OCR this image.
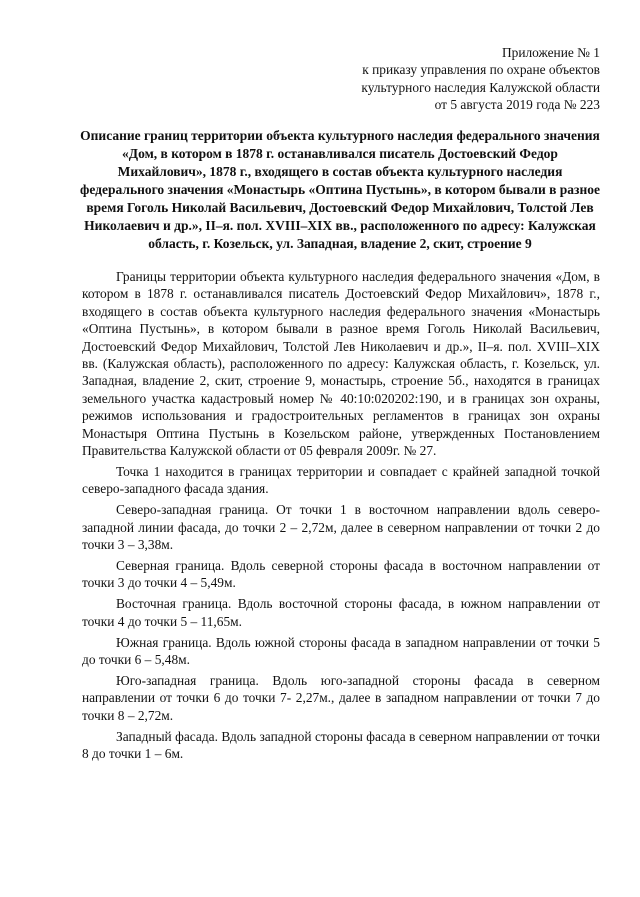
Приложение № 1
к приказу управления по охране объектов
культурного наследия Калужской области
от 5 августа 2019 года № 223
Описание границ территории объекта культурного наследия федерального значения «Дом, в котором в 1878 г. останавливался писатель Достоевский Федор Михайлович», 1878 г., входящего в состав объекта культурного наследия федерального значения «Монастырь «Оптина Пустынь», в котором бывали в разное время Гоголь Николай Васильевич, Достоевский Федор Михайлович, Толстой Лев Николаевич и др.», II–я. пол. XVIII–XIX вв., расположенного по адресу: Калужская область, г. Козельск, ул. Западная, владение 2, скит, строение 9

Границы территории объекта культурного наследия федерального значения «Дом, в котором в 1878 г. останавливался писатель Достоевский Федор Михайлович», 1878 г., входящего в состав объекта культурного наследия федерального значения «Монастырь «Оптина Пустынь», в котором бывали в разное время Гоголь Николай Васильевич, Достоевский Федор Михайлович, Толстой Лев Николаевич и др.», II–я. пол. XVIII–XIX вв. (Калужская область), расположенного по адресу: Калужская область, г. Козельск, ул. Западная, владение 2, скит, строение 9, монастырь, строение 5б., находятся в границах земельного участка кадастровый номер № 40:10:020202:190, и в границах зон охраны, режимов использования и градостроительных регламентов в границах зон охраны Монастыря Оптина Пустынь в Козельском районе, утвержденных Постановлением Правительства Калужской области от 05 февраля 2009г. № 27.

Точка 1 находится в границах территории и совпадает с крайней западной точкой северо-западного фасада здания.

Северо-западная граница. От точки 1 в восточном направлении вдоль северо-западной линии фасада, до точки 2 – 2,72м, далее в северном направлении от точки 2 до точки 3 – 3,38м.

Северная граница. Вдоль северной стороны фасада в восточном направлении от точки 3 до точки 4 – 5,49м.

Восточная граница. Вдоль восточной стороны фасада, в южном направлении от точки 4 до точки 5 – 11,65м.

Южная граница. Вдоль южной стороны фасада в западном направлении от точки 5 до точки 6 – 5,48м.

Юго-западная граница. Вдоль юго-западной стороны фасада в северном направлении от точки 6 до точки 7- 2,27м., далее в западном направлении от точки 7 до точки 8 – 2,72м.

Западный фасада. Вдоль западной стороны фасада в северном направлении от точки 8 до точки 1 – 6м.
